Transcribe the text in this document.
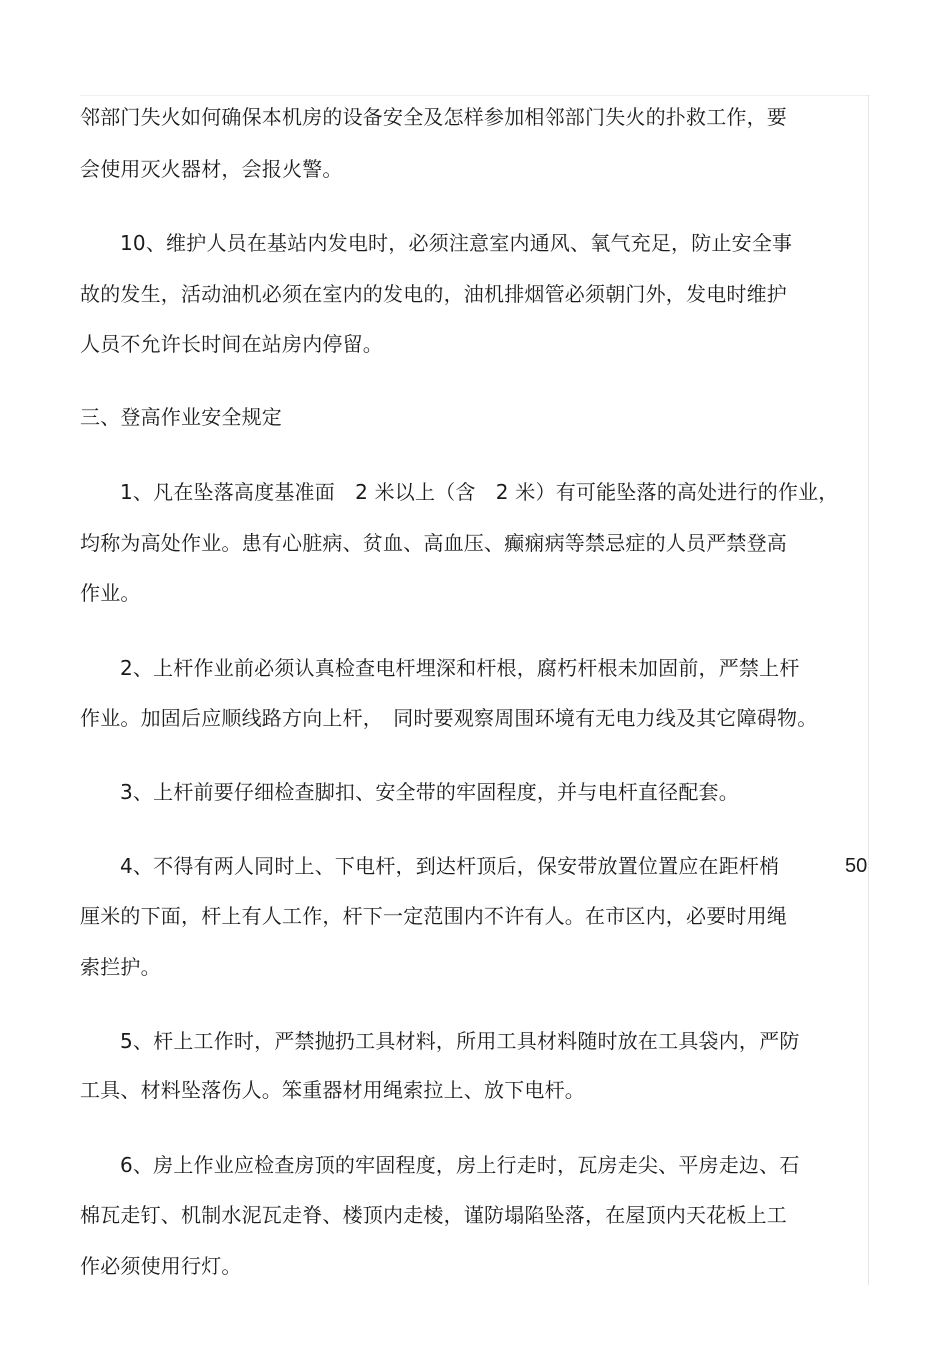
邻部门失火如何确保本机房的设备安全及怎样参加相邻部门失火的扑救工作，要
会使用灭火器材，会报火警。
10、维护人员在基站内发电时，必须注意室内通风、氧气充足，防止安全事
故的发生，活动油机必须在室内的发电的，油机排烟管必须朝门外，发电时维护
人员不允许长时间在站房内停留。
三、登高作业安全规定
1、凡在坠落高度基准面　2 米以上（含　2 米）有可能坠落的高处进行的作业，
均称为高处作业。患有心脏病、贫血、高血压、癫痫病等禁忌症的人员严禁登高
作业。
2、上杆作业前必须认真检查电杆埋深和杆根，腐朽杆根未加固前，严禁上杆
作业。加固后应顺线路方向上杆，　同时要观察周围环境有无电力线及其它障碍物。
3、上杆前要仔细检查脚扣、安全带的牢固程度，并与电杆直径配套。
4、不得有两人同时上、下电杆，到达杆顶后，保安带放置位置应在距杆梢	50
厘米的下面，杆上有人工作，杆下一定范围内不许有人。在市区内，必要时用绳
索拦护。
5、杆上工作时，严禁抛扔工具材料，所用工具材料随时放在工具袋内，严防
工具、材料坠落伤人。笨重器材用绳索拉上、放下电杆。
6、房上作业应检查房顶的牢固程度，房上行走时，瓦房走尖、平房走边、石
棉瓦走钉、机制水泥瓦走脊、楼顶内走棱，谨防塌陷坠落，在屋顶内天花板上工
作必须使用行灯。
